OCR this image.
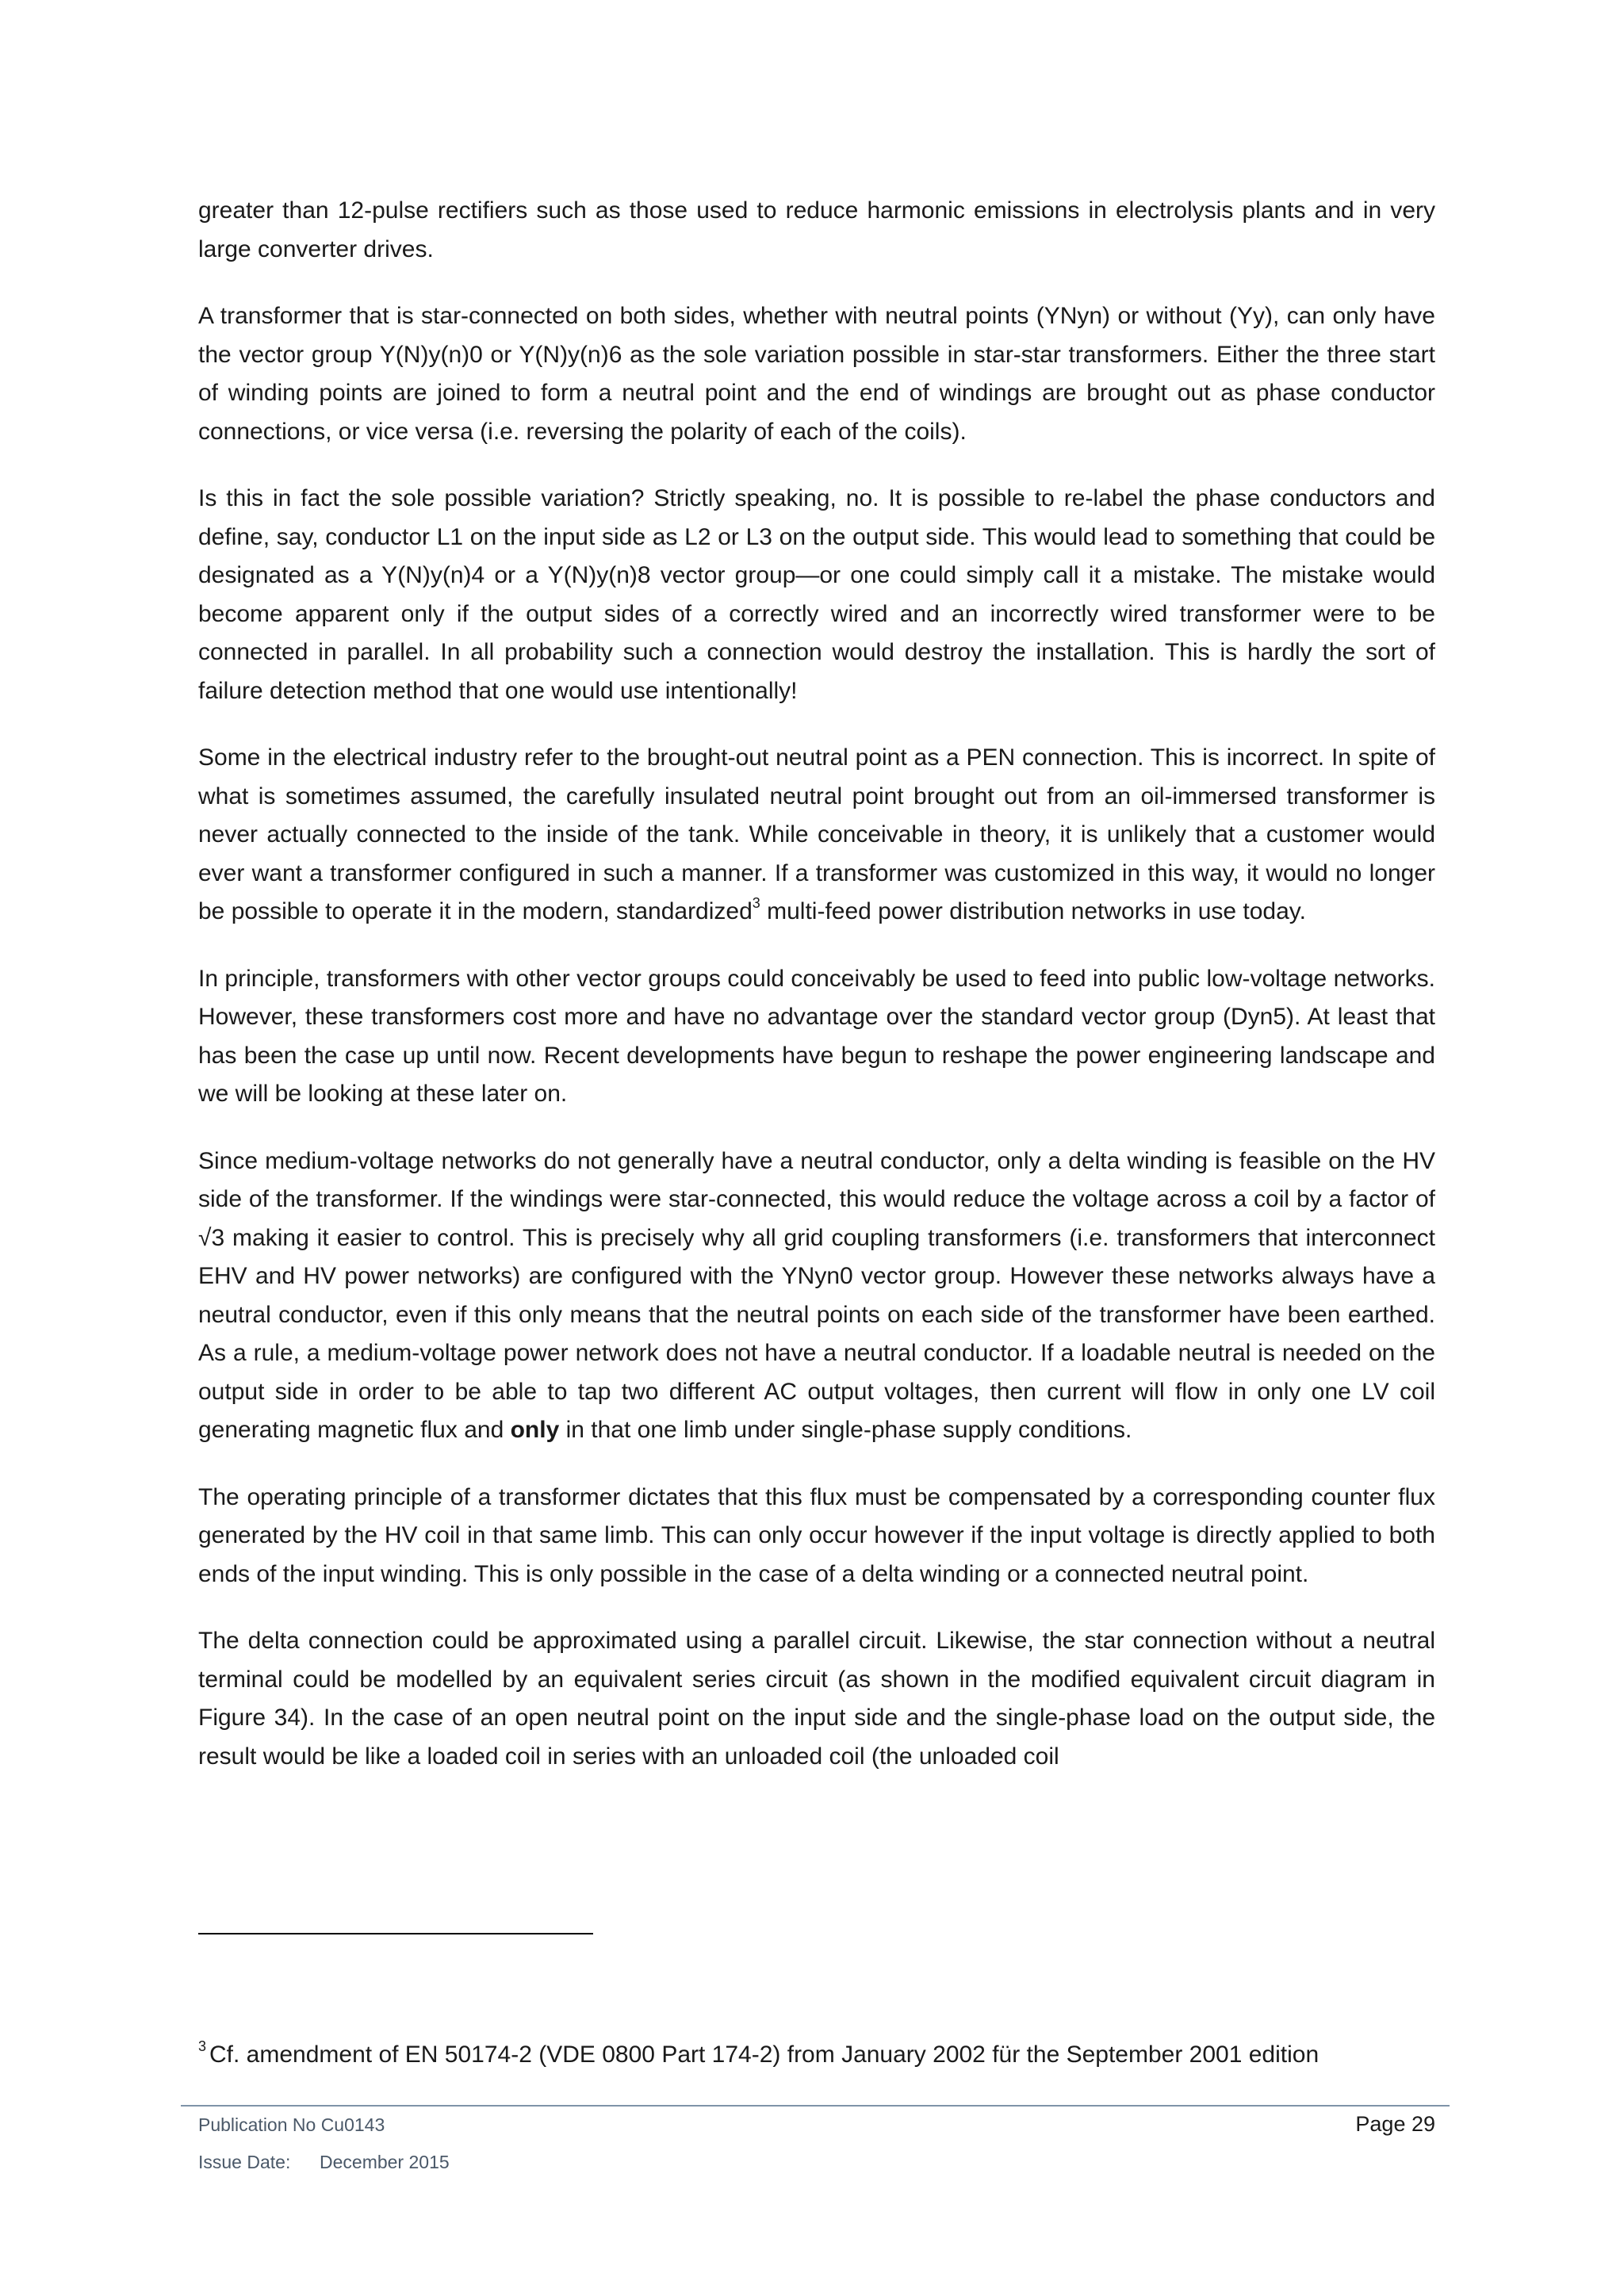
greater than 12-pulse rectifiers such as those used to reduce harmonic emissions in electrolysis plants and in very large converter drives.

A transformer that is star-connected on both sides, whether with neutral points (YNyn) or without (Yy), can only have the vector group Y(N)y(n)0 or Y(N)y(n)6 as the sole variation possible in star-star transformers. Either the three start of winding points are joined to form a neutral point and the end of windings are brought out as phase conductor connections, or vice versa (i.e. reversing the polarity of each of the coils).

Is this in fact the sole possible variation? Strictly speaking, no. It is possible to re-label the phase conductors and define, say, conductor L1 on the input side as L2 or L3 on the output side. This would lead to something that could be designated as a Y(N)y(n)4 or a Y(N)y(n)8 vector group—or one could simply call it a mistake. The mistake would become apparent only if the output sides of a correctly wired and an incorrectly wired transformer were to be connected in parallel. In all probability such a connection would destroy the installation. This is hardly the sort of failure detection method that one would use intentionally!

Some in the electrical industry refer to the brought-out neutral point as a PEN connection. This is incorrect. In spite of what is sometimes assumed, the carefully insulated neutral point brought out from an oil-immersed transformer is never actually connected to the inside of the tank. While conceivable in theory, it is unlikely that a customer would ever want a transformer configured in such a manner. If a transformer was customized in this way, it would no longer be possible to operate it in the modern, standardized$^3$ multi-feed power distribution networks in use today.

In principle, transformers with other vector groups could conceivably be used to feed into public low-voltage networks. However, these transformers cost more and have no advantage over the standard vector group (Dyn5). At least that has been the case up until now. Recent developments have begun to reshape the power engineering landscape and we will be looking at these later on.

Since medium-voltage networks do not generally have a neutral conductor, only a delta winding is feasible on the HV side of the transformer. If the windings were star-connected, this would reduce the voltage across a coil by a factor of √3 making it easier to control. This is precisely why all grid coupling transformers (i.e. transformers that interconnect EHV and HV power networks) are configured with the YNyn0 vector group. However these networks always have a neutral conductor, even if this only means that the neutral points on each side of the transformer have been earthed. As a rule, a medium-voltage power network does not have a neutral conductor. If a loadable neutral is needed on the output side in order to be able to tap two different AC output voltages, then current will flow in only one LV coil generating magnetic flux and only in that one limb under single-phase supply conditions.

The operating principle of a transformer dictates that this flux must be compensated by a corresponding counter flux generated by the HV coil in that same limb. This can only occur however if the input voltage is directly applied to both ends of the input winding. This is only possible in the case of a delta winding or a connected neutral point.

The delta connection could be approximated using a parallel circuit. Likewise, the star connection without a neutral terminal could be modelled by an equivalent series circuit (as shown in the modified equivalent circuit diagram in Figure 34). In the case of an open neutral point on the input side and the single-phase load on the output side, the result would be like a loaded coil in series with an unloaded coil (the unloaded coil

$^3$ Cf. amendment of EN 50174-2 (VDE 0800 Part 174-2) from January 2002 für the September 2001 edition
Publication No Cu0143	Page 29
Issue Date: December 2015
